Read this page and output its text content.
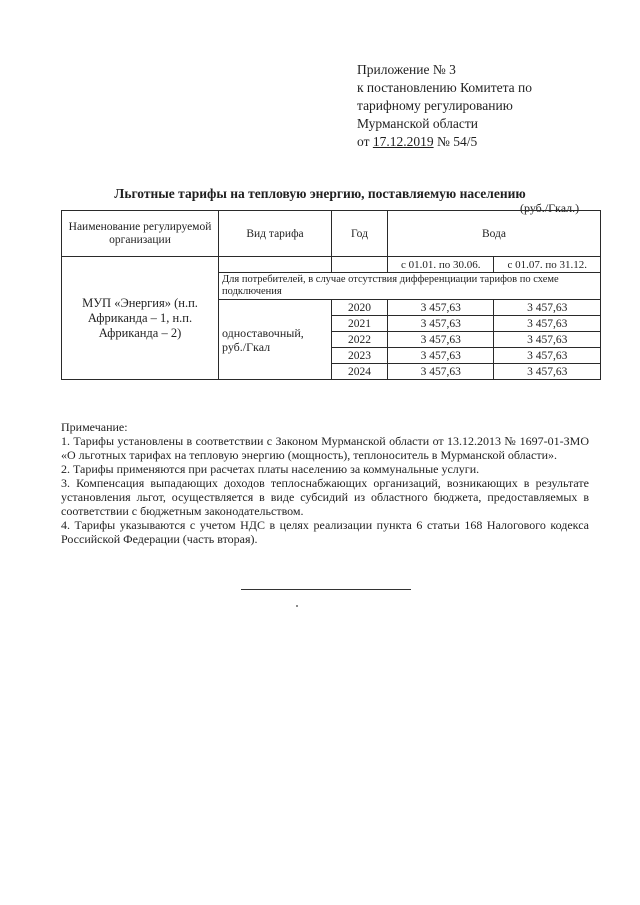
Приложение № 3
к постановлению Комитета по
тарифному регулированию
Мурманской области
от 17.12.2019 № 54/5
Льготные тарифы на тепловую энергию, поставляемую населению
(руб./Гкал.)
Наименование регулируемой организации	Вид тарифа	Год	Вода	

МУП «Энергия» (н.п. Африканда – 1, н.п. Африканда – 2)			с 01.01. по 30.06.	с 01.07. по 31.12.
	Для потребителей, в случае отсутствия дифференциации тарифов по схеме подключения			
	одноставочный, руб./Гкал	2020	3 457,63	3 457,63
		2021	3 457,63	3 457,63
		2022	3 457,63	3 457,63
		2023	3 457,63	3 457,63
		2024	3 457,63	3 457,63

Примечание:

1. Тарифы установлены в соответствии с Законом Мурманской области от 13.12.2013 № 1697-01-ЗМО «О льготных тарифах на тепловую энергию (мощность), теплоноситель в Мурманской области».

2. Тарифы применяются при расчетах платы населению за коммунальные услуги.

3. Компенсация выпадающих доходов теплоснабжающих организаций, возникающих в результате установления льгот, осуществляется в виде субсидий из областного бюджета, предоставляемых в соответствии с бюджетным законодательством.

4. Тарифы указываются с учетом НДС в целях реализации пункта 6 статьи 168 Налогового кодекса Российской Федерации (часть вторая).
